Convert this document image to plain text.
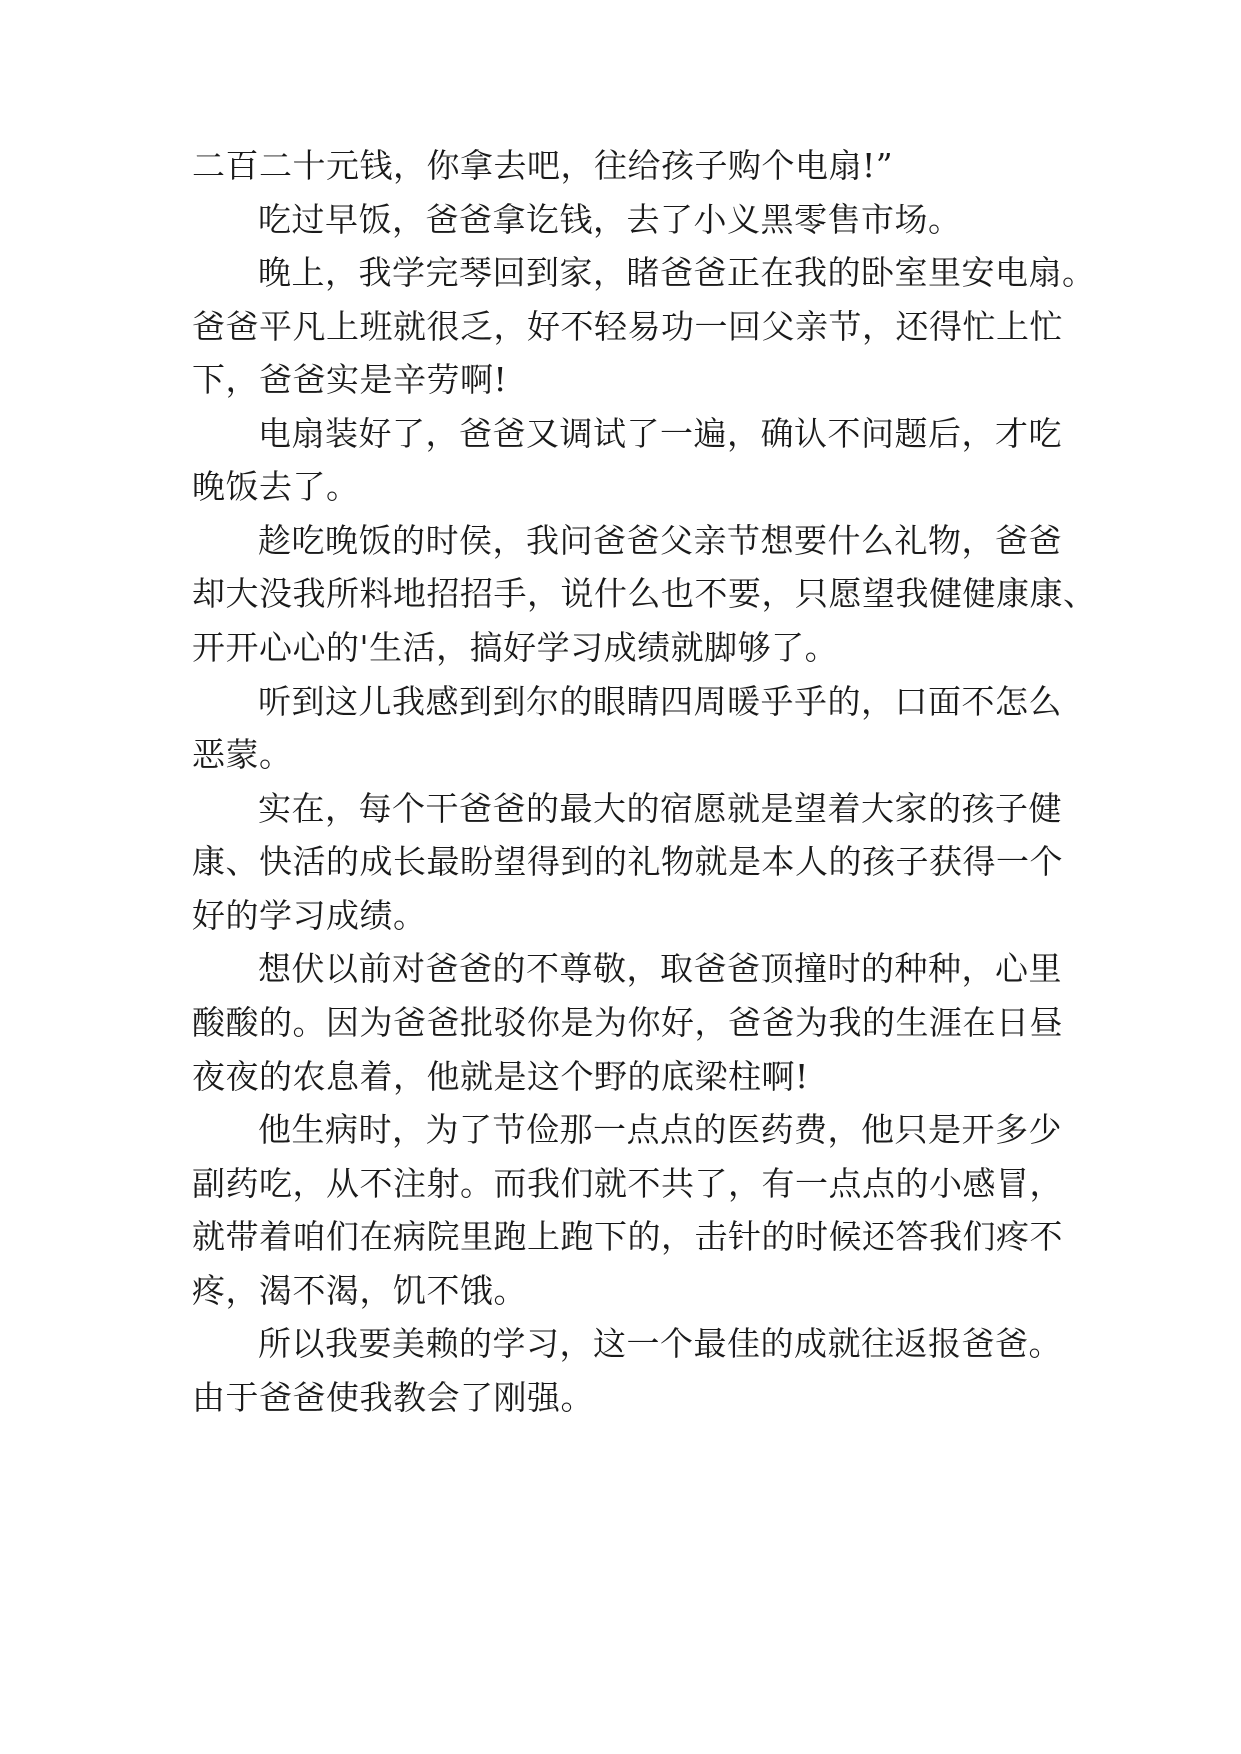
二百二十元钱，你拿去吧，往给孩子购个电扇!”
吃过早饭，爸爸拿讫钱，去了小义黑零售市场。
晚上，我学完琴回到家，睹爸爸正在我的卧室里安电扇。
爸爸平凡上班就很乏，好不轻易功一回父亲节，还得忙上忙
下，爸爸实是辛劳啊!
电扇装好了，爸爸又调试了一遍，确认不问题后，才吃
晚饭去了。
趁吃晚饭的时侯，我问爸爸父亲节想要什么礼物，爸爸
却大没我所料地招招手，说什么也不要，只愿望我健健康康、
开开心心的'生活，搞好学习成绩就脚够了。
听到这儿我感到到尔的眼睛四周暖乎乎的，口面不怎么
恶蒙。
实在，每个干爸爸的最大的宿愿就是望着大家的孩子健
康、快活的成长最盼望得到的礼物就是本人的孩子获得一个
好的学习成绩。
想伏以前对爸爸的不尊敬，取爸爸顶撞时的种种，心里
酸酸的。因为爸爸批驳你是为你好，爸爸为我的生涯在日昼
夜夜的农息着，他就是这个野的底梁柱啊!
他生病时，为了节俭那一点点的医药费，他只是开多少
副药吃，从不注射。而我们就不共了，有一点点的小感冒，
就带着咱们在病院里跑上跑下的，击针的时候还答我们疼不
疼，渴不渴，饥不饿。
所以我要美赖的学习，这一个最佳的成就往返报爸爸。
由于爸爸使我教会了刚强。
